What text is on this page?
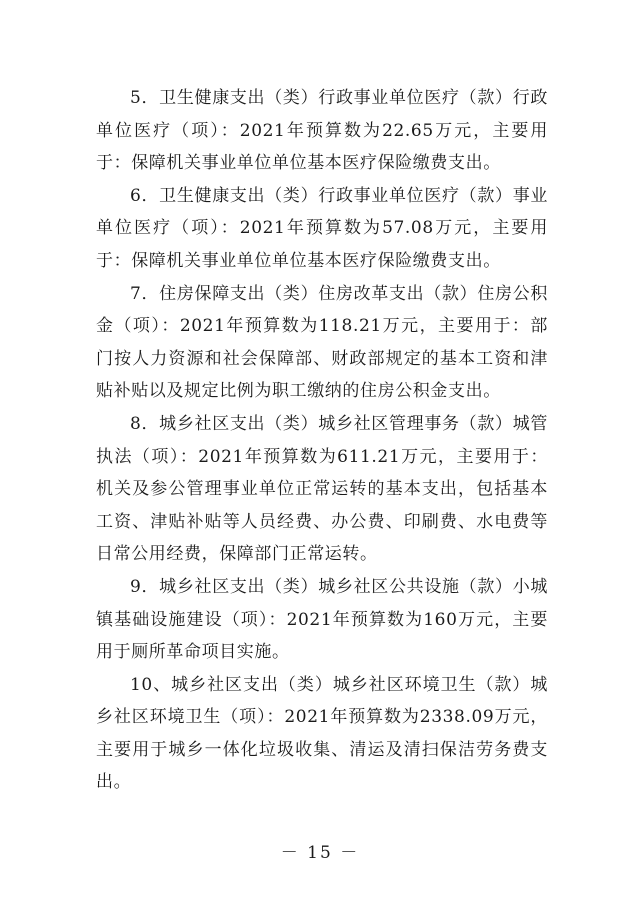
5．卫生健康支出（类）行政事业单位医疗（款）行政单位医疗（项）：2021年预算数为22.65万元，主要用于：保障机关事业单位单位基本医疗保险缴费支出。

6．卫生健康支出（类）行政事业单位医疗（款）事业单位医疗（项）：2021年预算数为57.08万元，主要用于：保障机关事业单位单位基本医疗保险缴费支出。

7．住房保障支出（类）住房改革支出（款）住房公积金（项）：2021年预算数为118.21万元，主要用于：部门按人力资源和社会保障部、财政部规定的基本工资和津贴补贴以及规定比例为职工缴纳的住房公积金支出。

8．城乡社区支出（类）城乡社区管理事务（款）城管执法（项）：2021年预算数为611.21万元，主要用于：机关及参公管理事业单位正常运转的基本支出，包括基本工资、津贴补贴等人员经费、办公费、印刷费、水电费等日常公用经费，保障部门正常运转。

9．城乡社区支出（类）城乡社区公共设施（款）小城镇基础设施建设（项）：2021年预算数为160万元，主要用于厕所革命项目实施。

10、城乡社区支出（类）城乡社区环境卫生（款）城乡社区环境卫生（项）：2021年预算数为2338.09万元，主要用于城乡一体化垃圾收集、清运及清扫保洁劳务费支出。

－ 15 －
